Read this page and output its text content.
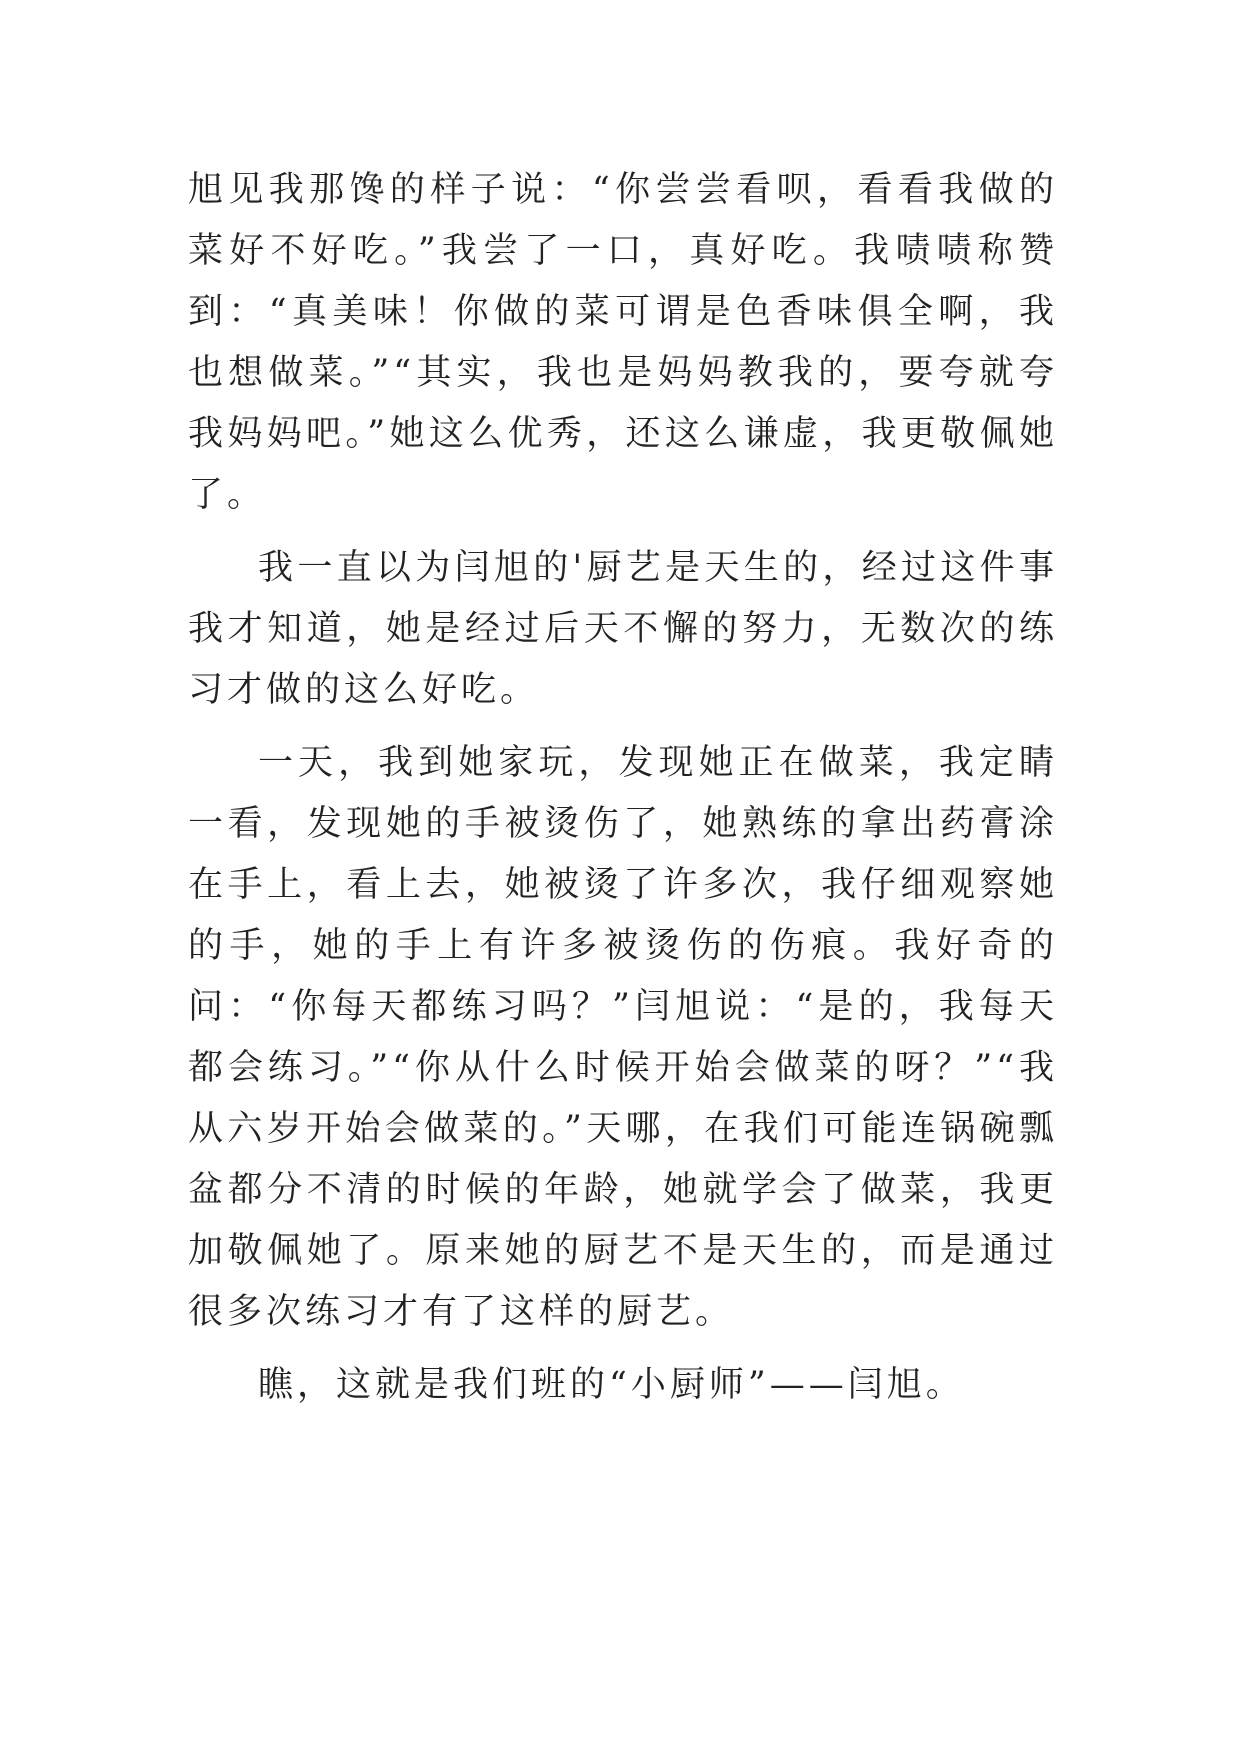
旭见我那馋的样子说：“你尝尝看呗，看看我做的菜好不好吃。”我尝了一口，真好吃。我啧啧称赞到：“真美味！你做的菜可谓是色香味俱全啊，我也想做菜。”“其实，我也是妈妈教我的，要夸就夸我妈妈吧。”她这么优秀，还这么谦虚，我更敬佩她了。

我一直以为闫旭的'厨艺是天生的，经过这件事我才知道，她是经过后天不懈的努力，无数次的练习才做的这么好吃。

一天，我到她家玩，发现她正在做菜，我定睛一看，发现她的手被烫伤了，她熟练的拿出药膏涂在手上，看上去，她被烫了许多次，我仔细观察她的手，她的手上有许多被烫伤的伤痕。我好奇的问：“你每天都练习吗？”闫旭说：“是的，我每天都会练习。”“你从什么时候开始会做菜的呀？”“我从六岁开始会做菜的。”天哪，在我们可能连锅碗瓢盆都分不清的时候的年龄，她就学会了做菜，我更加敬佩她了。原来她的厨艺不是天生的，而是通过很多次练习才有了这样的厨艺。

瞧，这就是我们班的“小厨师”——闫旭。
